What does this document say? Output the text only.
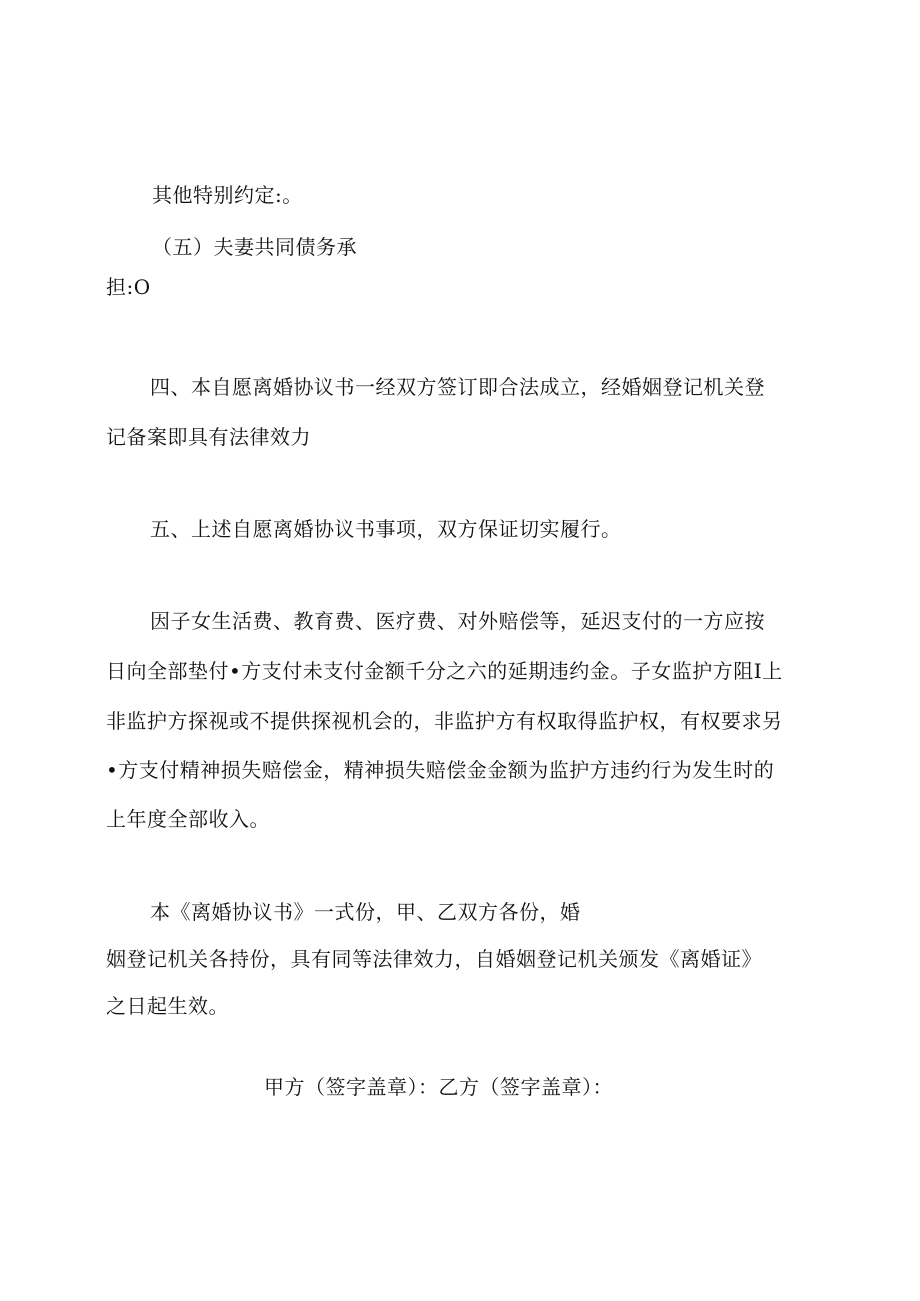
其他特别约定:。
（五）夫妻共同债务承
担:O
四、本自愿离婚协议书一经双方签订即合法成立，经婚姻登记机关登
记备案即具有法律效力
五、上述自愿离婚协议书事项，双方保证切实履行。
因子女生活费、教育费、医疗费、对外赔偿等，延迟支付的一方应按
日向全部垫付•方支付未支付金额千分之六的延期违约金。子女监护方阻I上
非监护方探视或不提供探视机会的，非监护方有权取得监护权，有权要求另
•方支付精神损失赔偿金，精神损失赔偿金金额为监护方违约行为发生时的
上年度全部收入。
本《离婚协议书》一式份，甲、乙双方各份，婚
姻登记机关各持份，具有同等法律效力，自婚姻登记机关颁发《离婚证》
之日起生效。
甲方（签字盖章）：乙方（签字盖章）：
